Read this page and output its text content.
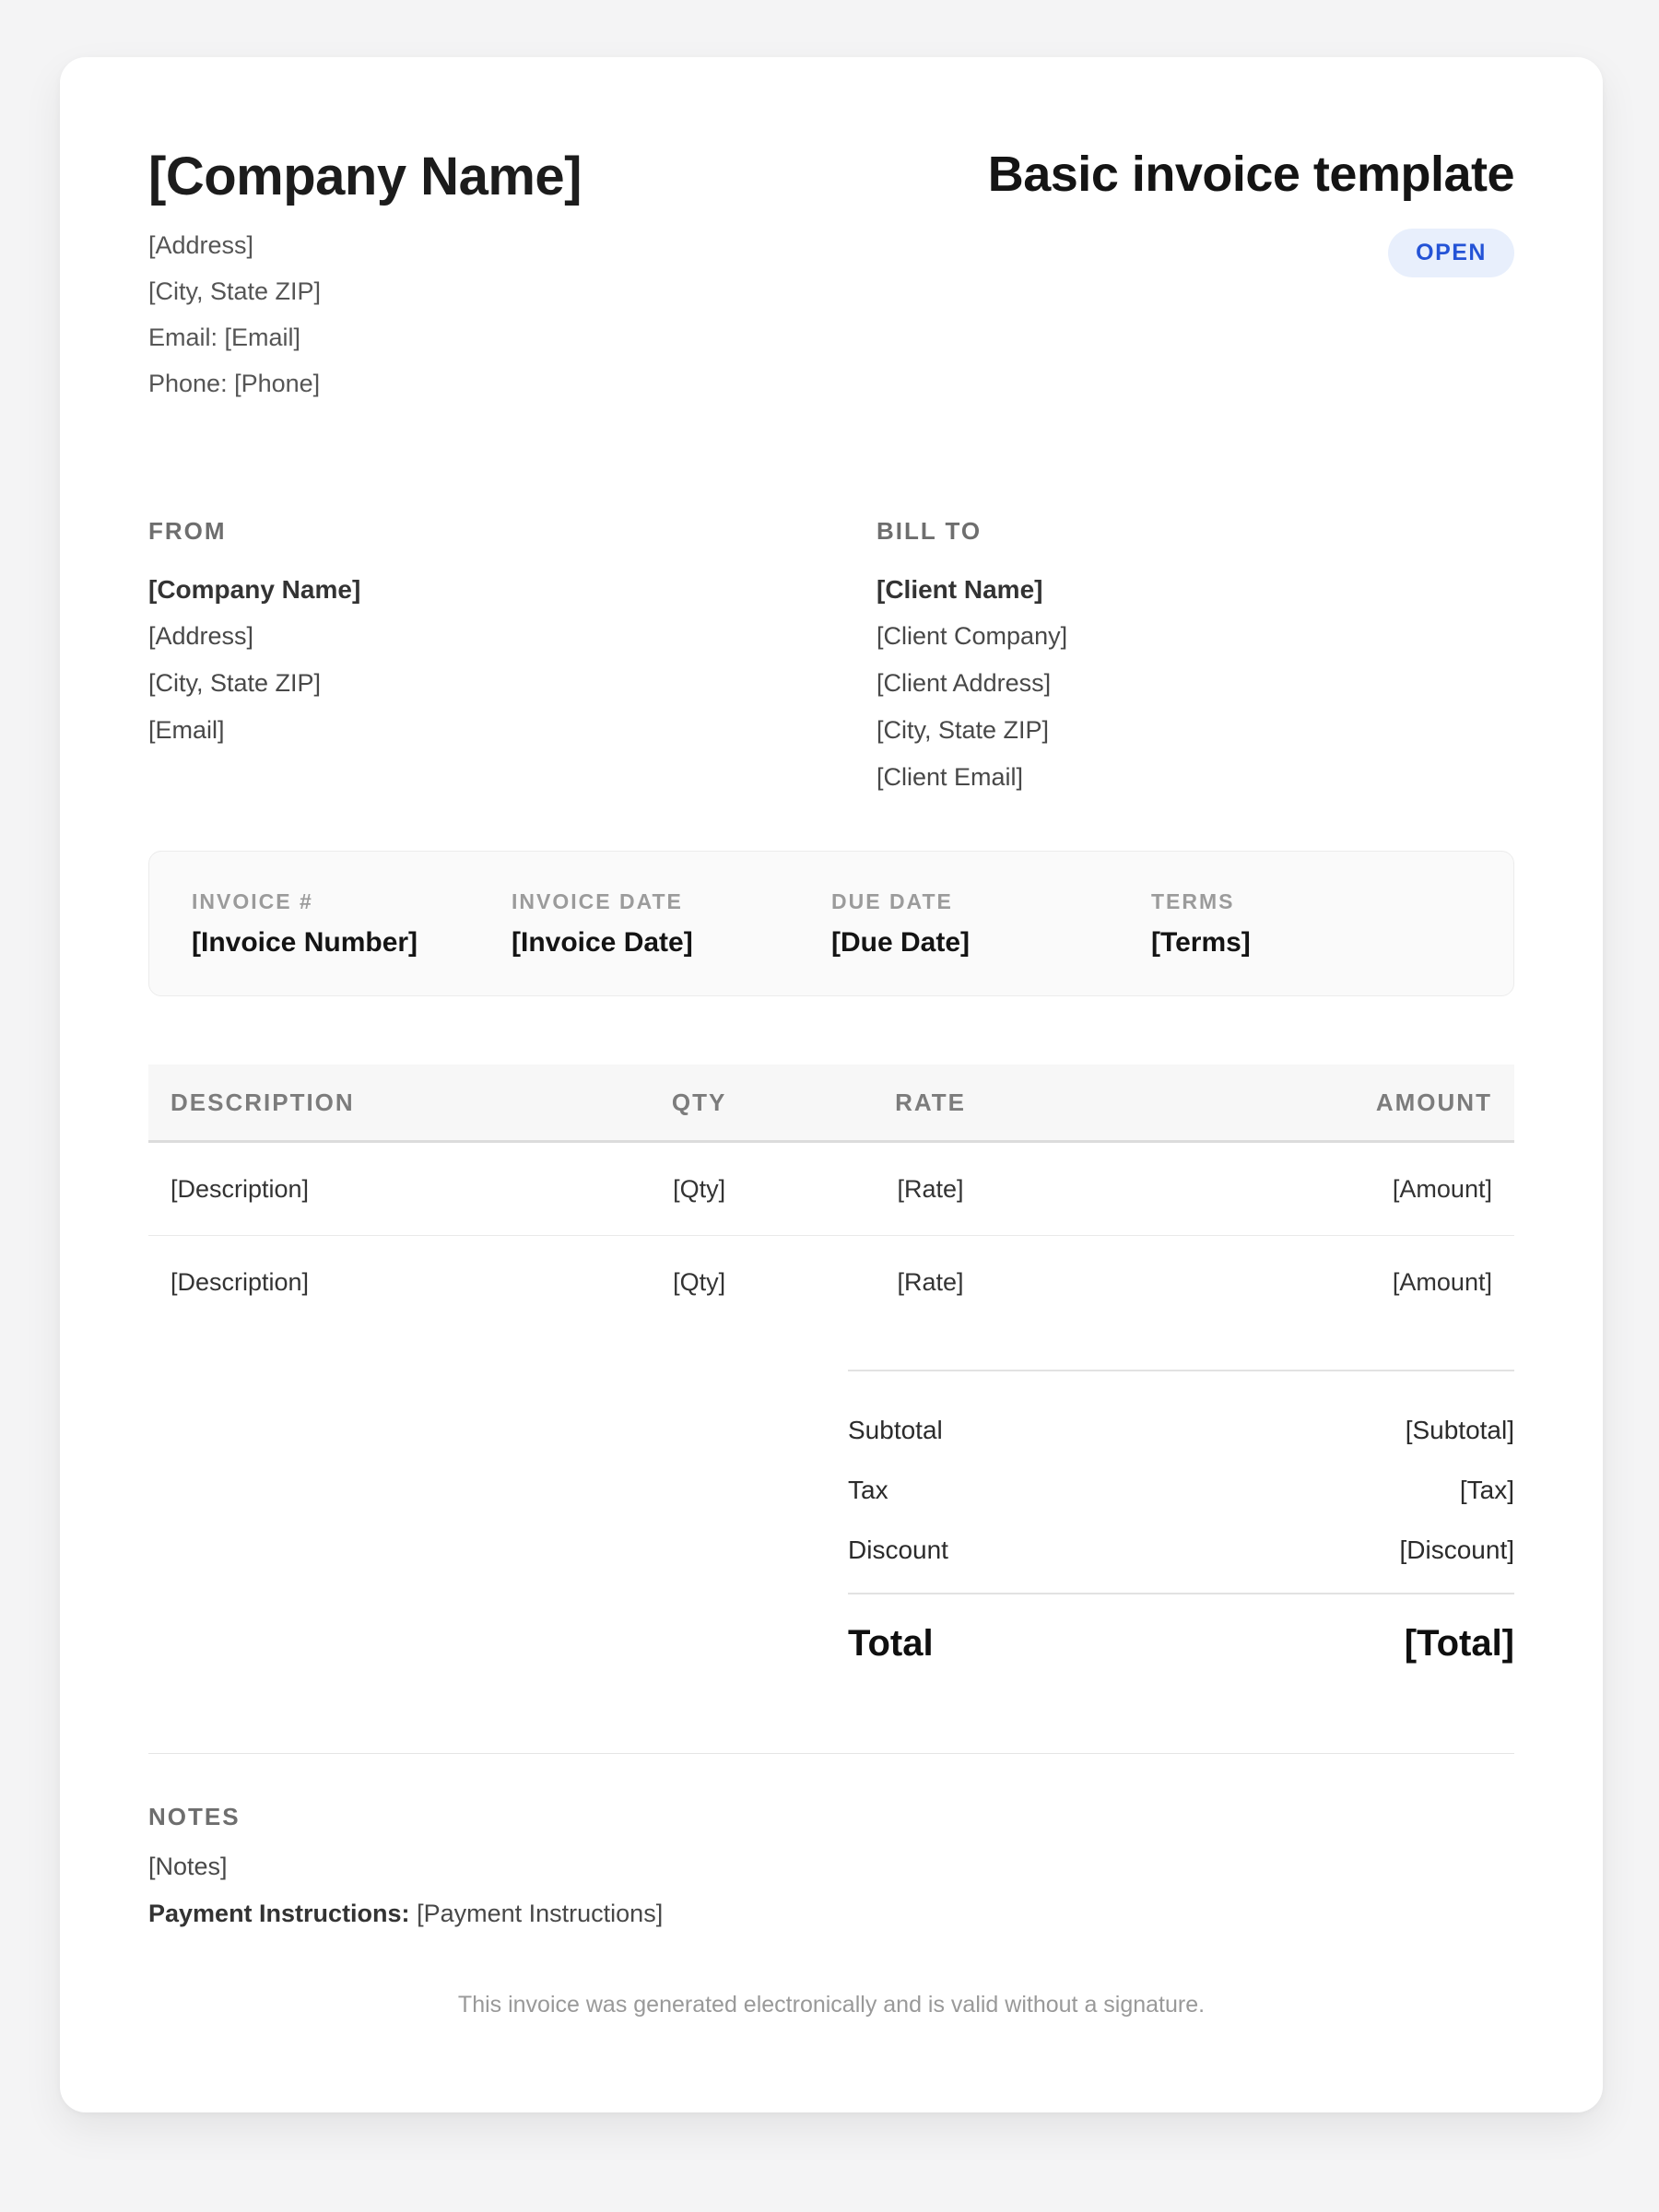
[Company Name]

[Address]

[City, State ZIP]

Email: [Email]

Phone: [Phone]

Basic invoice template
OPEN
FROM
[Company Name]

[Address]

[City, State ZIP]

[Email]

BILL TO
[Client Name]

[Client Company]

[Client Address]

[City, State ZIP]

[Client Email]

INVOICE #
[Invoice Number]
INVOICE DATE
[Invoice Date]
DUE DATE
[Due Date]
TERMS
[Terms]
DESCRIPTION	QTY	RATE	AMOUNT
[Description]	[Qty]	[Rate]	[Amount]
[Description]	[Qty]	[Rate]	[Amount]
Subtotal	[Subtotal]
Tax	[Tax]
Discount	[Discount]
Total	[Total]
NOTES

[Notes]

Payment Instructions: [Payment Instructions]

This invoice was generated electronically and is valid without a signature.
